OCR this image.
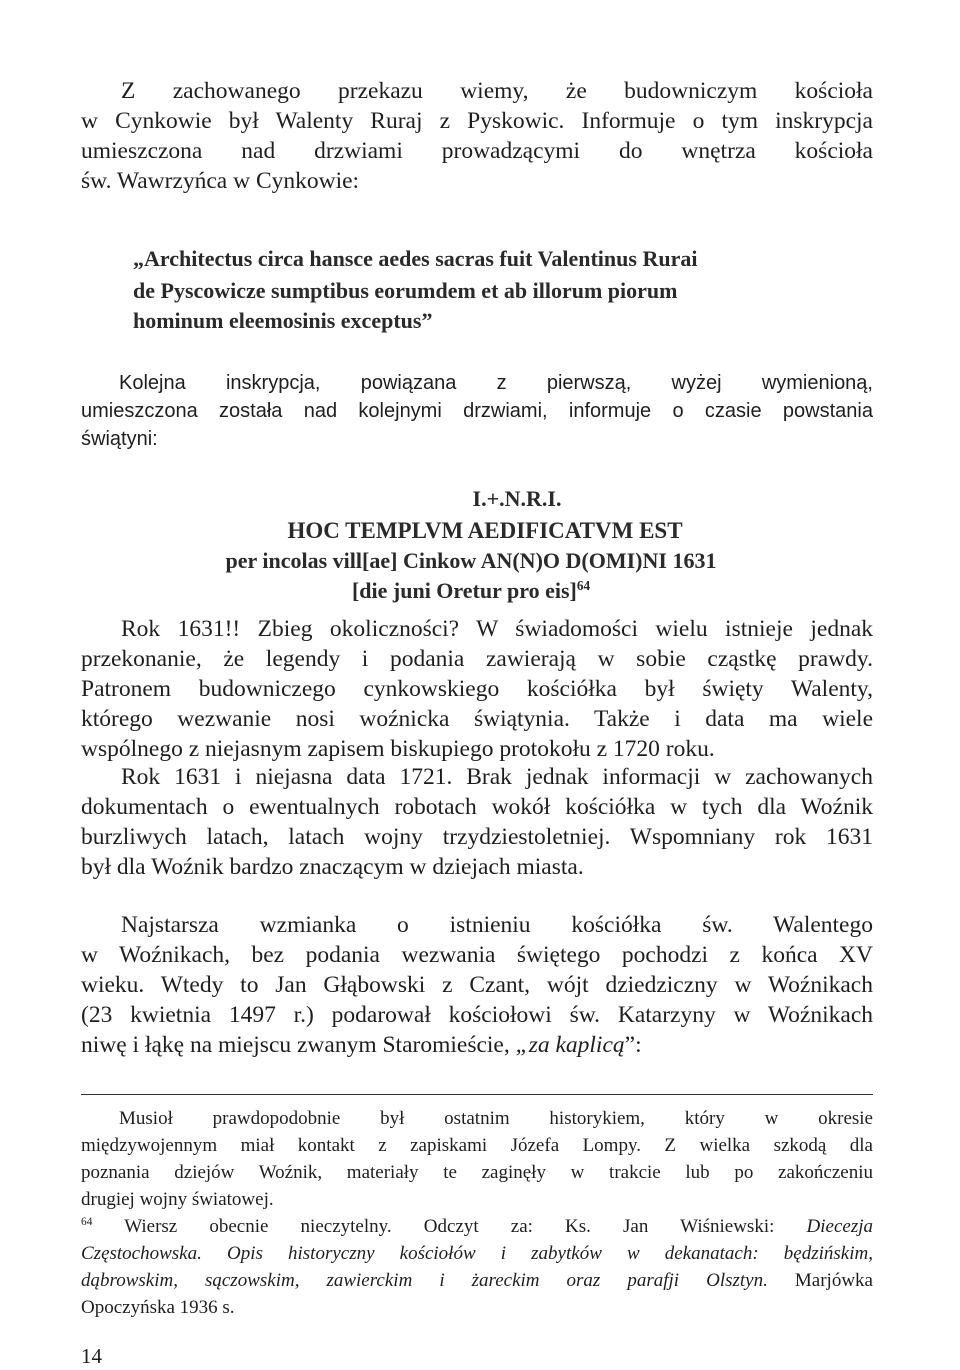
Z zachowanego przekazu wiemy, że budowniczym kościoła
w Cynkowie był Walenty Ruraj z Pyskowic. Informuje o tym inskrypcja
umieszczona nad drzwiami prowadzącymi do wnętrza kościoła
św. Wawrzyńca w Cynkowie:
„Architectus circa hansce aedes sacras fuit Valentinus Rurai
de Pyscowicze sumptibus eorumdem et ab illorum piorum
hominum eleemosinis exceptus”
Kolejna inskrypcja, powiązana z pierwszą, wyżej wymienioną,
umieszczona została nad kolejnymi drzwiami, informuje o czasie powstania
świątyni:
I.+.N.R.I.
HOC TEMPLVM AEDIFICATVM EST
per incolas vill[ae] Cinkow AN(N)O D(OMI)NI 1631
[die juni Oretur pro eis]$^{64}$
Rok 1631!! Zbieg okoliczności? W świadomości wielu istnieje jednak
przekonanie, że legendy i podania zawierają w sobie cząstkę prawdy.
Patronem budowniczego cynkowskiego kościółka był święty Walenty,
którego wezwanie nosi woźnicka świątynia. Także i data ma wiele
wspólnego z niejasnym zapisem biskupiego protokołu z 1720 roku.
Rok 1631 i niejasna data 1721. Brak jednak informacji w zachowanych
dokumentach o ewentualnych robotach wokół kościółka w tych dla Woźnik
burzliwych latach, latach wojny trzydziestoletniej. Wspomniany rok 1631
był dla Woźnik bardzo znaczącym w dziejach miasta.
Najstarsza wzmianka o istnieniu kościółka św. Walentego
w Woźnikach, bez podania wezwania świętego pochodzi z końca XV
wieku. Wtedy to Jan Głąbowski z Czant, wójt dziedziczny w Woźnikach
(23 kwietnia 1497 r.) podarował kościołowi św. Katarzyny w Woźnikach
niwę i łąkę na miejscu zwanym Staromieście, „za kaplicą”:
Musioł prawdopodobnie był ostatnim historykiem, który w okresie
międzywojennym miał kontakt z zapiskami Józefa Lompy. Z wielka szkodą dla
poznania dziejów Woźnik, materiały te zaginęły w trakcie lub po zakończeniu
drugiej wojny światowej.
$^{64}$ Wiersz obecnie nieczytelny. Odczyt za: Ks. Jan Wiśniewski: Diecezja
Częstochowska. Opis historyczny kościołów i zabytków w dekanatach: będzińskim,
dąbrowskim, sączowskim, zawierckim i żareckim oraz parafji Olsztyn. Marjówka
Opoczyńska 1936 s.
14
